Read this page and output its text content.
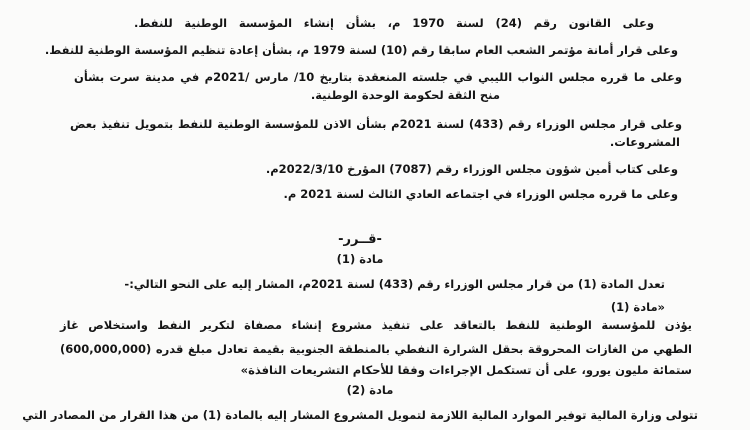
وعلى القانون رقم (24) لسنة 1970 م، بشأن إنشاء المؤسسة الوطنية للنفط.

وعلى قرار أمانة مؤتمر الشعب العام سابقا رقم (10) لسنة 1979 م، بشأن إعادة تنظيم المؤسسة الوطنية للنفط.

وعلى ما قرره مجلس النواب الليبي في جلسته المنعقدة بتاريخ 10/ مارس /2021م في مدينة سرت بشأن

منح الثقة لحكومة الوحدة الوطنية.

وعلى قرار مجلس الوزراء رقم (433) لسنة 2021م بشأن الاذن للمؤسسة الوطنية للنفط بتمويل تنفيذ بعض

المشروعات.

وعلى كتاب أمين شؤون مجلس الوزراء رقم (7087) المؤرخ 2022/3/10م.

وعلى ما قرره مجلس الوزراء في اجتماعه العادي الثالث لسنة 2021 م.

-قــرر-

مادة (1)

تعدل المادة (1) من قرار مجلس الوزراء رقم (433) لسنة 2021م، المشار إليه على النحو التالي:-

«مادة (1)

يؤذن للمؤسسة الوطنية للنفط بالتعاقد على تنفيذ مشروع إنشاء مصفاة لتكرير النفط واستخلاص غاز

الطهي من الغازات المحروقة بحقل الشرارة النفطي بالمنطقة الجنوبية بقيمة تعادل مبلغ قدره (600,000,000)

ستمائة مليون يورو، على أن تستكمل الإجراءات وفقا للأحكام التشريعات النافذة»

مادة (2)

تتولى وزارة المالية توفير الموارد المالية اللازمة لتمويل المشروع المشار إليه بالمادة (1) من هذا القرار من المصادر التي
